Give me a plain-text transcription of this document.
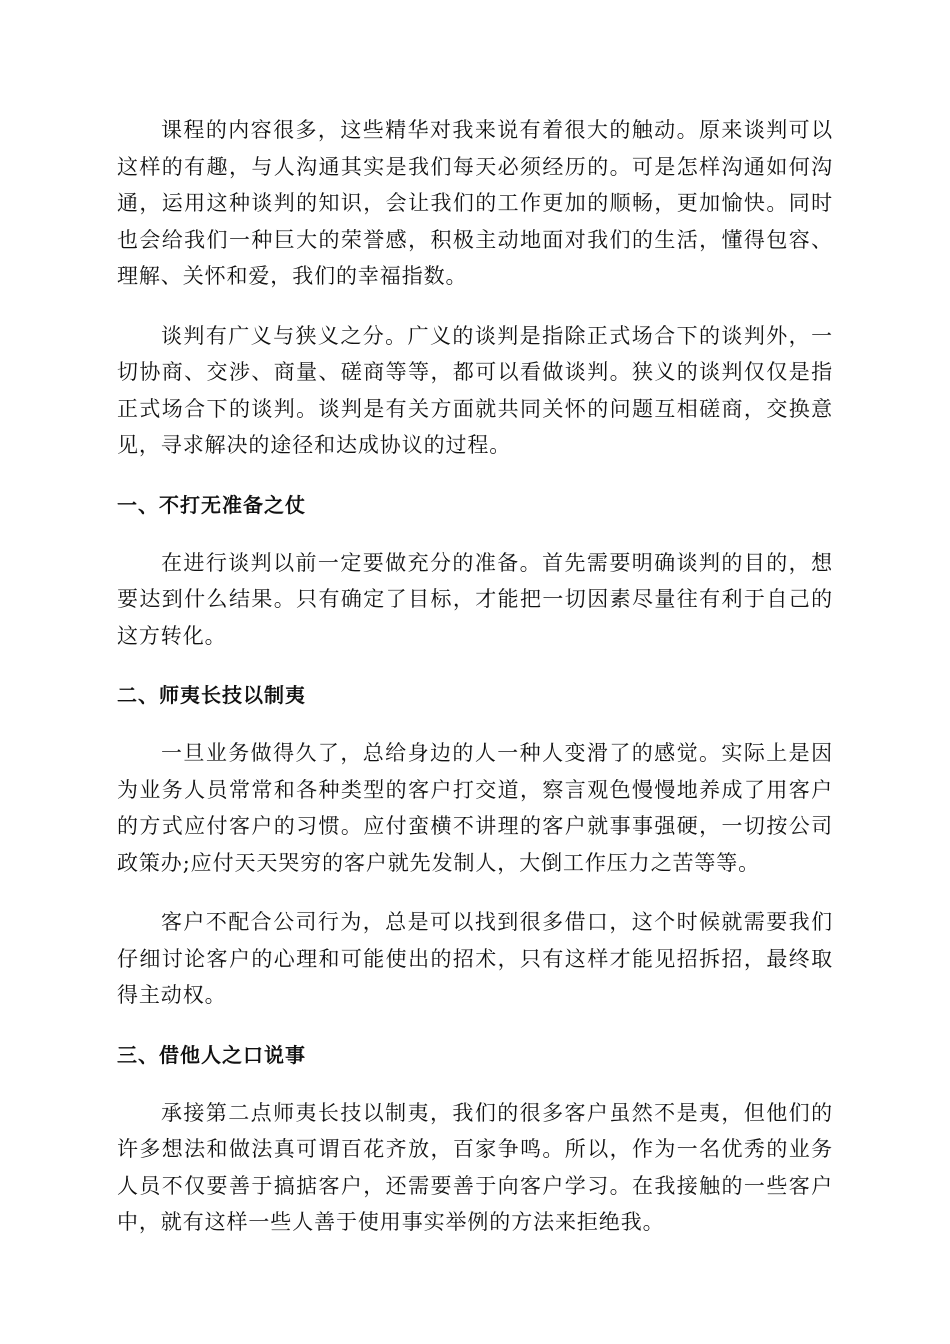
课程的内容很多，这些精华对我来说有着很大的触动。原来谈判可以这样的有趣，与人沟通其实是我们每天必须经历的。可是怎样沟通如何沟通，运用这种谈判的知识，会让我们的工作更加的顺畅，更加愉快。同时也会给我们一种巨大的荣誉感，积极主动地面对我们的生活，懂得包容、理解、关怀和爱，我们的幸福指数。

谈判有广义与狭义之分。广义的谈判是指除正式场合下的谈判外，一切协商、交涉、商量、磋商等等，都可以看做谈判。狭义的谈判仅仅是指正式场合下的谈判。谈判是有关方面就共同关怀的问题互相磋商，交换意见，寻求解决的途径和达成协议的过程。

一、不打无准备之仗

在进行谈判以前一定要做充分的准备。首先需要明确谈判的目的，想要达到什么结果。只有确定了目标，才能把一切因素尽量往有利于自己的这方转化。

二、师夷长技以制夷

一旦业务做得久了，总给身边的人一种人变滑了的感觉。实际上是因为业务人员常常和各种类型的客户打交道，察言观色慢慢地养成了用客户的方式应付客户的习惯。应付蛮横不讲理的客户就事事强硬，一切按公司政策办;应付天天哭穷的客户就先发制人，大倒工作压力之苦等等。

客户不配合公司行为，总是可以找到很多借口，这个时候就需要我们仔细讨论客户的心理和可能使出的招术，只有这样才能见招拆招，最终取得主动权。

三、借他人之口说事

承接第二点师夷长技以制夷，我们的很多客户虽然不是夷，但他们的许多想法和做法真可谓百花齐放，百家争鸣。所以，作为一名优秀的业务人员不仅要善于搞掂客户，还需要善于向客户学习。在我接触的一些客户中，就有这样一些人善于使用事实举例的方法来拒绝我。
